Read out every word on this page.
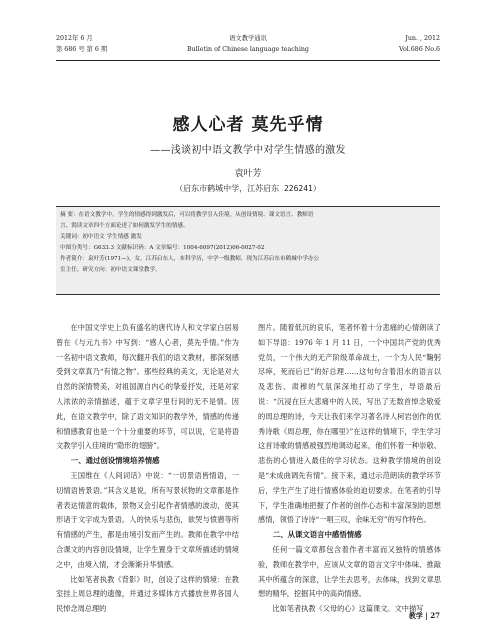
2012年 6 月
第 686 号 第 6 期
语文教学通讯
Bulletin of Chinese language teaching
Jun. , 2012
Vol.686 No.6
感人心者 莫先乎情
——浅谈初中语文教学中对学生情感的激发
袁叶芳
（启东市鹤城中学，江苏启东 226241）
摘 要：在语文教学中，学生的情感得到激发后，可以将教学引入佳境。从创设情境、课文语言、教师语
言、渴读文章四个方面论述了如何激发学生的情感。
关键词：初中语文 学生情感 激发
中图分类号：G633.3 文献标识码：A 文章编号：1004-6097(2012)06-0027-02
作者简介：袁叶芳(1971—)，女，江苏启东人，本科学历，中学一级教师，现为江苏启东市鹤城中学办公
室主任。研究方向：初中语文课堂教学。

在中国文学史上负有盛名的唐代诗人和文学家白居易曾在《与元九书》中写到：“感人心者，莫先乎情。”作为一名初中语文教师，每次翻开我们的语文教材，都深刻感受到文章真乃“有情之物”。那些经典的美文，无论是对大自然的深情赞美，对祖国源自内心的挚爱抒发，还是对家人浓浓的亲情描述，蕴于文章字里行间的无不是情。因此，在语文教学中，除了语文知识的教学外，情感的传递和情感教育也是一个十分重要的环节，可以说，它是将语文教学引入佳境的“隐形的翅膀”。

一、通过创设情境培养情感

王国维在《人间词话》中说：“一切景语皆情语，一切情语皆景语。”其含义是说，所有写景状物的文章都是作者表达情意的载体，景物又会引起作者情感的波动，使其形诸于文字成为景语。人的快乐与悲伤，欲哭与愤懑等所有情感的产生，都是由境引发而产生的。教师在教学中结合课文的内容创设情境，让学生置身于文章所描述的情境之中，由境入情，才会渐渐升华情感。

比如笔者执教《背影》时，创设了这样的情境：在教室挂上周总理的遗像，并通过多媒体方式播放世界各国人民悼念周总理的

图片。随着低沉的哀乐，笔者怀着十分悲痛的心情朗读了如下导语：1976 年 1 月 11 日，一个中国共产党的优秀党员，一个伟大的无产阶级革命战士，一个为人民“鞠躬尽瘁，死而后已”的好总理……这句句含着泪水的语言以及悲伤、肃穆的气氛深深地打动了学生，导语最后说：“沉浸在巨大悲痛中的人民，写出了无数首悼念敬爱的周总理的诗，今天让我们来学习著名诗人柯岩创作的优秀诗歌《周总理，你在哪里》”在这样的情境下，学生学习这首诗歌的情感被强烈地调动起来，他们怀着一种崇敬、悲伤的心情进入最佳的学习状态。这种教学情境的创设是“未成曲调先有情”。接下来，通过示范朗读的教学环节后，学生产生了进行情感体验的迫切要求。在笔者的引导下，学生准确地把握了作者的创作心态和丰富深刻的思想感情，领悟了诗诗“一唱三叹，余味无穷”的写作特色。

二、从课文语言中感悟情感

任何一篇文章都包含着作者丰富而又独特的情感体验，教师在教学中，应该从文章的语言文字中体味、推敲其中所蕴含的深意，让学生去思考，去体味，找到文章思想的精华，挖掘其中的高尚情感。

比如笔者执教《父母的心》这篇课文。文中描写

教学 | 27
